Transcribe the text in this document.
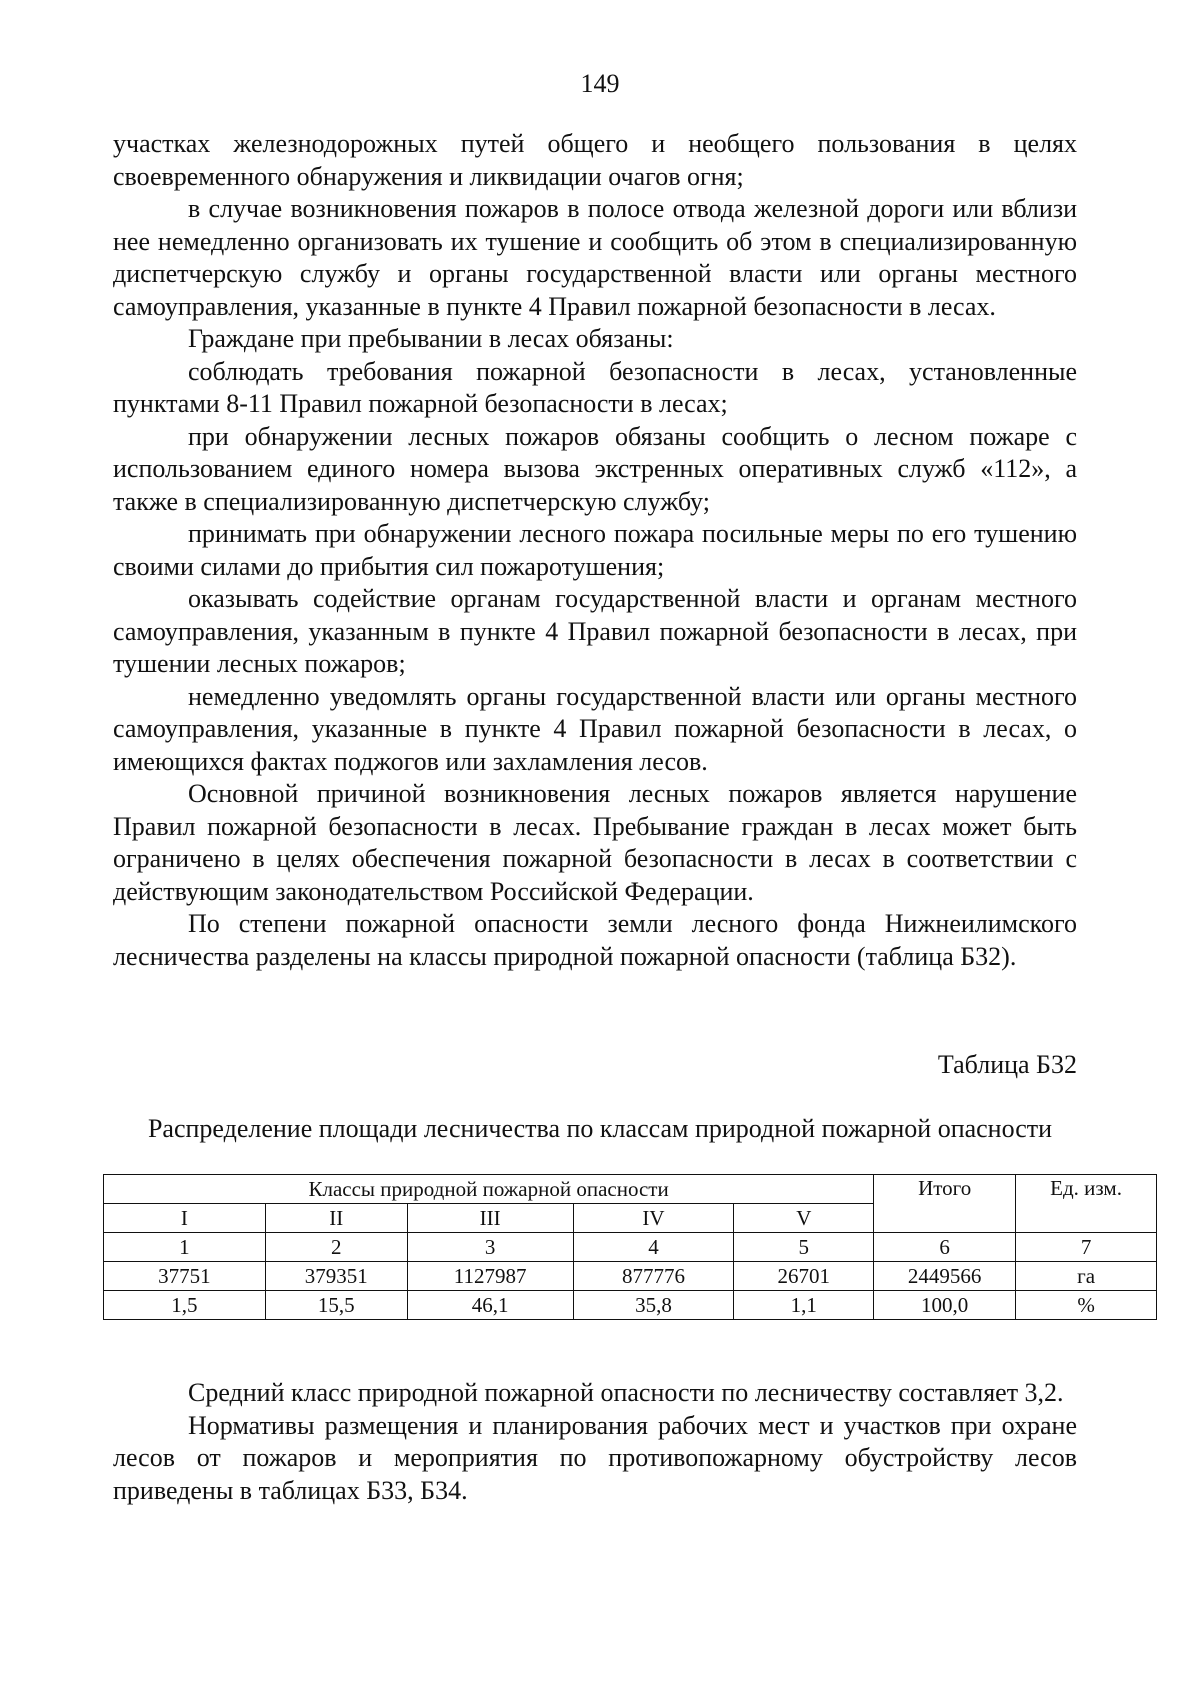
149

участках железнодорожных путей общего и необщего пользования в целях своевременного обнаружения и ликвидации очагов огня;

в случае возникновения пожаров в полосе отвода железной дороги или вблизи нее немедленно организовать их тушение и сообщить об этом в специализированную диспетчерскую службу и органы государственной власти или органы местного самоуправления, указанные в пункте 4 Правил пожарной безопасности в лесах.

Граждане при пребывании в лесах обязаны:

соблюдать требования пожарной безопасности в лесах, установленные пунктами 8-11 Правил пожарной безопасности в лесах;

при обнаружении лесных пожаров обязаны сообщить о лесном пожаре с использованием единого номера вызова экстренных оперативных служб «112», а также в специализированную диспетчерскую службу;

принимать при обнаружении лесного пожара посильные меры по его тушению своими силами до прибытия сил пожаротушения;

оказывать содействие органам государственной власти и органам местного самоуправления, указанным в пункте 4 Правил пожарной безопасности в лесах, при тушении лесных пожаров;

немедленно уведомлять органы государственной власти или органы местного самоуправления, указанные в пункте 4 Правил пожарной безопасности в лесах, о имеющихся фактах поджогов или захламления лесов.

Основной причиной возникновения лесных пожаров является нарушение Правил пожарной безопасности в лесах. Пребывание граждан в лесах может быть ограничено в целях обеспечения пожарной безопасности в лесах в соответствии с действующим законодательством Российской Федерации.

По степени пожарной опасности земли лесного фонда Нижнеилимского лесничества разделены на классы природной пожарной опасности (таблица Б32).

Таблица Б32
Распределение площади лесничества по классам природной пожарной опасности
Классы природной пожарной опасности					Итого	Ед. изм.
I	II	III	IV	V		
1	2	3	4	5	6	7
37751	379351	1127987	877776	26701	2449566	га
1,5	15,5	46,1	35,8	1,1	100,0	%

Средний класс природной пожарной опасности по лесничеству составляет 3,2.

Нормативы размещения и планирования рабочих мест и участков при охране лесов от пожаров и мероприятия по противопожарному обустройству лесов приведены в таблицах Б33, Б34.
